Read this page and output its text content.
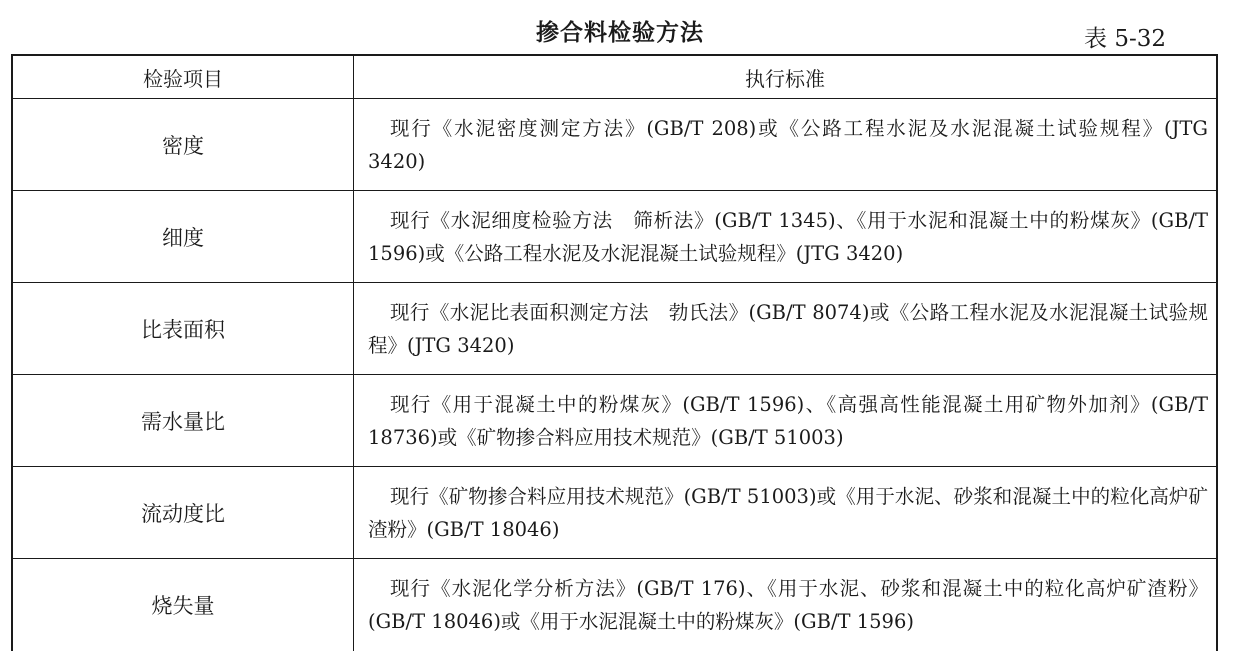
掺合料检验方法	表 5-32
检验项目	执行标准
密度	现行《水泥密度测定方法》(GB/T 208)或《公路工程水泥及水泥混凝土试验规程》(JTG 3420)
细度	现行《水泥细度检验方法　筛析法》(GB/T 1345)、《用于水泥和混凝土中的粉煤灰》(GB/T 1596)或《公路工程水泥及水泥混凝土试验规程》(JTG 3420)
比表面积	现行《水泥比表面积测定方法　勃氏法》(GB/T 8074)或《公路工程水泥及水泥混凝土试验规程》(JTG 3420)
需水量比	现行《用于混凝土中的粉煤灰》(GB/T 1596)、《高强高性能混凝土用矿物外加剂》(GB/T 18736)或《矿物掺合料应用技术规范》(GB/T 51003)
流动度比	现行《矿物掺合料应用技术规范》(GB/T 51003)或《用于水泥、砂浆和混凝土中的粒化高炉矿渣粉》(GB/T 18046)
烧失量	现行《水泥化学分析方法》(GB/T 176)、《用于水泥、砂浆和混凝土中的粒化高炉矿渣粉》(GB/T 18046)或《用于水泥混凝土中的粉煤灰》(GB/T 1596)
